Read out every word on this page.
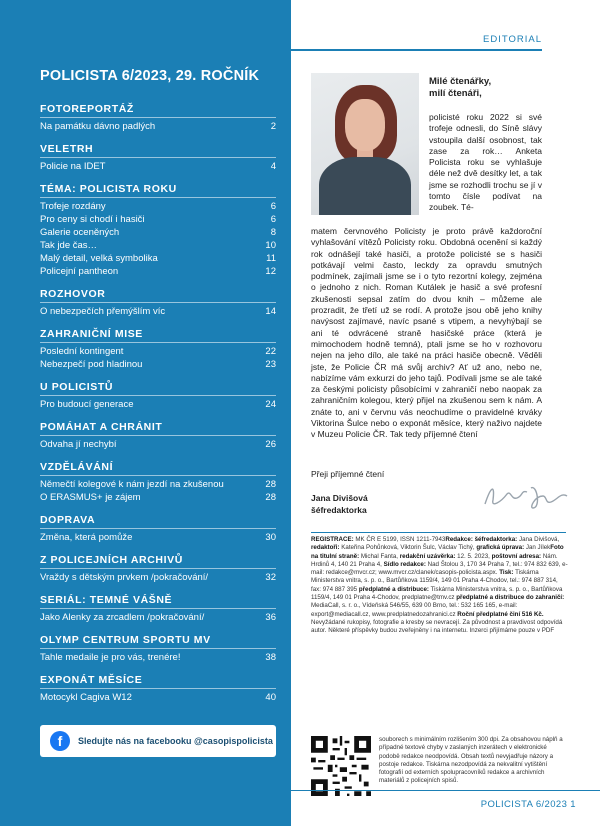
POLICISTA 6/2023, 29. ROČNÍK
FOTOREPORTÁŽ
Na památku dávno padlých	2
VELETRH
Policie na IDET	4
TÉMA: POLICISTA ROKU
Trofeje rozdány	6
Pro ceny si chodí i hasiči	6
Galerie oceněných	8
Tak jde čas…	10
Malý detail, velká symbolika	11
Policejní pantheon	12
ROZHOVOR
O nebezpečích přemýšlím víc	14
ZAHRANIČNÍ MISE
Poslední kontingent	22
Nebezpečí pod hladinou	23
U POLICISTŮ
Pro budoucí generace	24
POMÁHAT A CHRÁNIT
Odvaha jí nechybí	26
VZDĚLÁVÁNÍ
Němečtí kolegové k nám jezdí na zkušenou	28
O ERASMUS+ je zájem	28
DOPRAVA
Změna, která pomůže	30
Z POLICEJNÍCH ARCHIVŮ
Vraždy s dětským prvkem /pokračování/	32
SERIÁL: TEMNÉ VÁŠNĚ
Jako Alenky za zrcadlem /pokračování/	36
OLYMP CENTRUM SPORTU MV
Tahle medaile je pro vás, trenére!	38
EXPONÁT MĚSÍCE
Motocykl Cagiva W12	40
f	Sledujte nás na facebooku @casopispolicista
EDITORIAL
Milé čtenářky,
milí čtenáři,
policisté roku 2022 si své trofeje odnesli, do Síně slávy vstoupila další osobnost, tak zase za rok… Anketa Policista roku se vyhlašuje déle než dvě desítky let, a tak jsme se rozhodli trochu se jí v tomto čísle podívat na zoubek. Té-
matem červnového Policisty je proto právě každoroční vyhlašování vítězů Policisty roku. Obdobná ocenění si každý rok odnášejí také hasiči, a protože policisté se s hasiči potkávají velmi často, leckdy za opravdu smutných podmínek, zajímali jsme se i o tyto rezortní kolegy, zejména o jednoho z nich. Roman Kutálek je hasič a své profesní zkušenosti sepsal zatím do dvou knih – můžeme ale prozradit, že třetí už se rodí. A protože jsou obě jeho knihy navýsost zajímavé, navíc psané s vtipem, a nevyhýbají se ani té odvrácené straně hasičské práce (která je mimochodem hodně temná), ptali jsme se ho v rozhovoru nejen na jeho dílo, ale také na práci hasiče obecně. Věděli jste, že Policie ČR má svůj archiv? Ať už ano, nebo ne, nabízíme vám exkurzi do jeho tajů. Podívali jsme se ale také za českými policisty působícími v zahraničí nebo naopak za zahraničním kolegou, který přijel na zkušenou sem k nám. A znáte to, ani v červnu vás neochudíme o pravidelné krváky Viktorina Šulce nebo o exponát měsíce, který naživo najdete v Muzeu Policie ČR. Tak tedy příjemné čtení
Přeji příjemné čtení
Jana Divišová
šéfredaktorka
REGISTRACE: MK ČR E 5199, ISSN 1211-7943Redakce: šéfredaktorka: Jana Divišová, redaktoři: Kateřina Pohůnková, Viktorin Šulc, Václav Tichý, grafická úprava: Jan JílekFoto na titulní straně: Michal Fanta, redakční uzávěrka: 12. 5. 2023, poštovní adresa: Nám. Hrdinů 4, 140 21 Praha 4, Sídlo redakce: Nad Štolou 3, 170 34 Praha 7, tel.: 974 832 639, e-mail: redakce@mvcr.cz; www.mvcr.cz/clanek/casopis-policista.aspx. Tisk: Tiskárna Ministerstva vnitra, s. p. o., Bartůňkova 1159/4, 149 01 Praha 4-Chodov, tel.: 974 887 314, fax: 974 887 395 předplatné a distribuce: Tiskárna Ministerstva vnitra, s. p. o., Bartůňkova 1159/4, 149 01 Praha 4-Chodov, predplatne@tmv.cz předplatné a distribuce do zahraničí: MediaCall, s. r. o., Vídeňská 546/55, 639 00 Brno, tel.: 532 165 165, e-mail: export@mediacall.cz, www.predplatnedozahranici.cz Roční předplatné činí 516 Kč. Nevyžádané rukopisy, fotografie a kresby se nevracejí. Za původnost a pravdivost odpovídá autor. Některé příspěvky budou zveřejněny i na internetu. Inzerci přijímáme pouze v PDF
souborech s minimálním rozlišením 300 dpi. Za obsahovou náplň a případné textové chyby v zaslaných inzerátech v elektronické podobě redakce neodpovídá. Obsah textů nevyjadřuje názory a postoje redakce. Tiskárna nezodpovídá za nekvalitní vytištění fotografií od externích spolupracovníků redakce a archivních materiálů z policejních spisů.
POLICISTA 6/2023 1
